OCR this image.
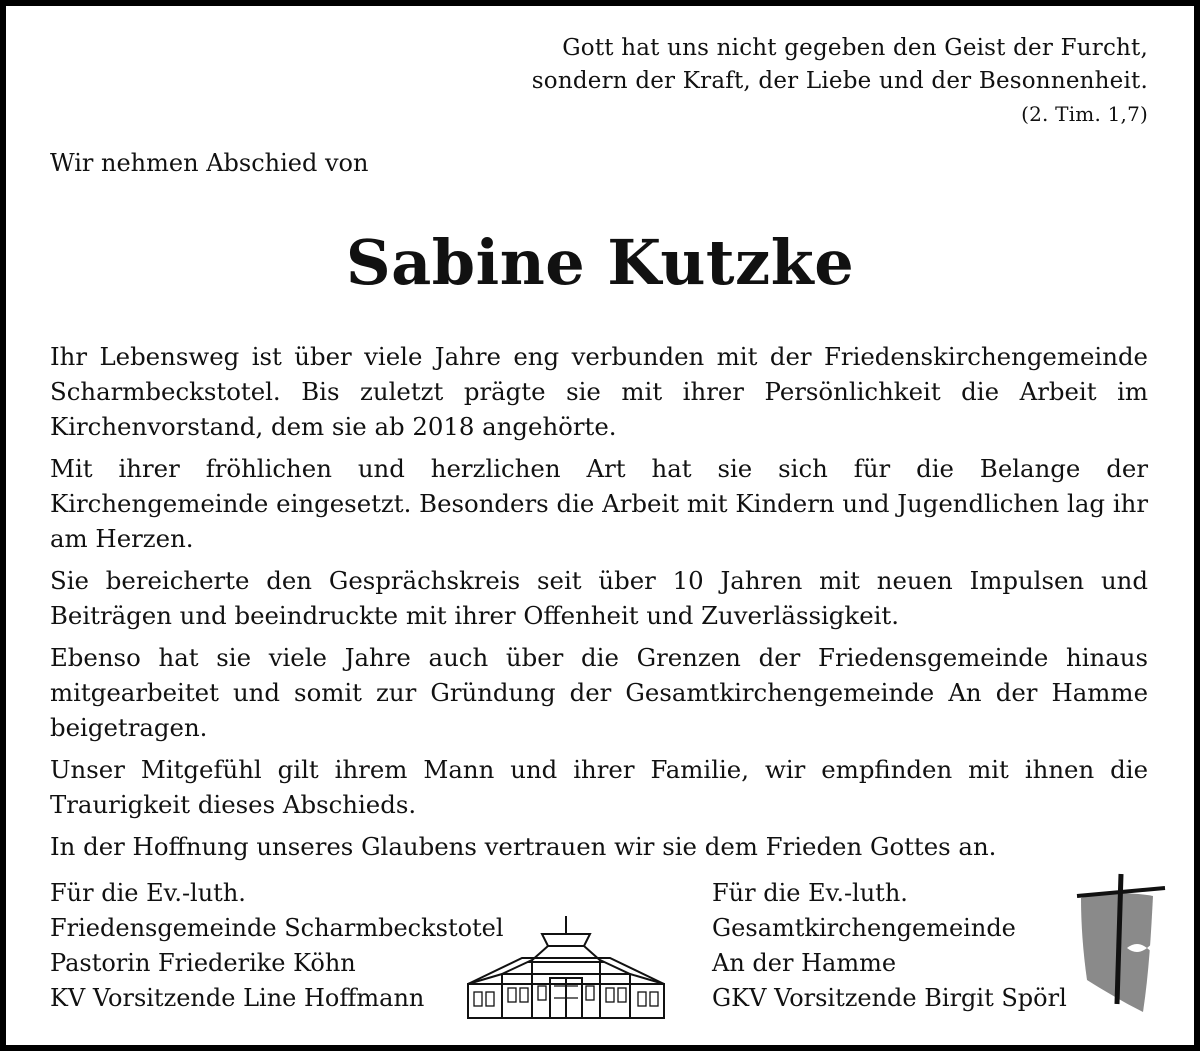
Gott hat uns nicht gegeben den Geist der Furcht,
sondern der Kraft, der Liebe und der Besonnenheit.
(2. Tim. 1,7)
Wir nehmen Abschied von
Sabine Kutzke

Ihr Lebensweg ist über viele Jahre eng verbunden mit der Friedenskirchengemeinde Scharmbeckstotel. Bis zuletzt prägte sie mit ihrer Persönlichkeit die Arbeit im Kirchenvorstand, dem sie ab 2018 angehörte.

Mit ihrer fröhlichen und herzlichen Art hat sie sich für die Belange der Kirchengemeinde eingesetzt. Besonders die Arbeit mit Kindern und Jugendlichen lag ihr am Herzen.

Sie bereicherte den Gesprächskreis seit über 10 Jahren mit neuen Impulsen und Beiträgen und beeindruckte mit ihrer Offenheit und Zuverlässigkeit.

Ebenso hat sie viele Jahre auch über die Grenzen der Friedensgemeinde hinaus mitgearbeitet und somit zur Gründung der Gesamtkirchengemeinde An der Hamme beigetragen.

Unser Mitgefühl gilt ihrem Mann und ihrer Familie, wir empfinden mit ihnen die Traurigkeit dieses Abschieds.

In der Hoffnung unseres Glaubens vertrauen wir sie dem Frieden Gottes an.

Für die Ev.-luth.
Friedensgemeinde Scharmbeckstotel
Pastorin Friederike Köhn
KV Vorsitzende Line Hoffmann
Für die Ev.-luth.
Gesamtkirchengemeinde
An der Hamme
GKV Vorsitzende Birgit Spörl
